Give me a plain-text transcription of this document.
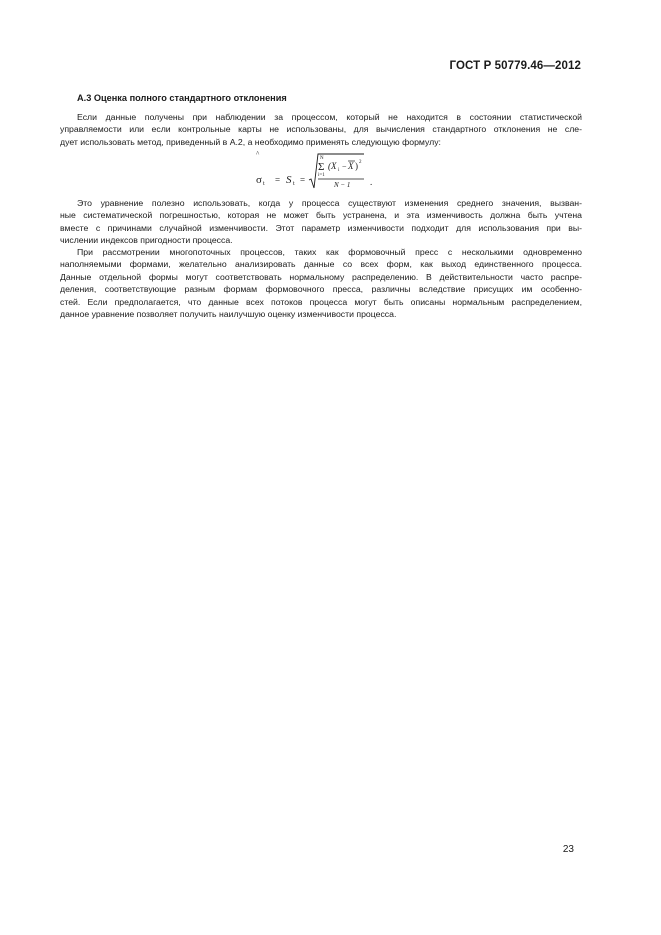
ГОСТ Р 50779.46—2012
А.3 Оценка полного стандартного отклонения
Если данные получены при наблюдении за процессом, который не находится в состоянии статистической
управляемости или если контрольные карты не использованы, для вычисления стандартного отклонения не сле-
дует использовать метод, приведенный в А.2, а необходимо применять следующую формулу:
^
σ t = S t =
N
Σ
i=1
(X i − X ) 2
N − 1 .
Это уравнение полезно использовать, когда у процесса существуют изменения среднего значения, вызван-
ные систематической погрешностью, которая не может быть устранена, и эта изменчивость должна быть учтена
вместе с причинами случайной изменчивости. Этот параметр изменчивости подходит для использования при вы-
числении индексов пригодности процесса.
При рассмотрении многопоточных процессов, таких как формовочный пресс с несколькими одновременно
наполняемыми формами, желательно анализировать данные со всех форм, как выход единственного процесса.
Данные отдельной формы могут соответствовать нормальному распределению. В действительности часто распре-
деления, соответствующие разным формам формовочного пресса, различны вследствие присущих им особенно-
стей. Если предполагается, что данные всех потоков процесса могут быть описаны нормальным распределением,
данное уравнение позволяет получить наилучшую оценку изменчивости процесса.
23
